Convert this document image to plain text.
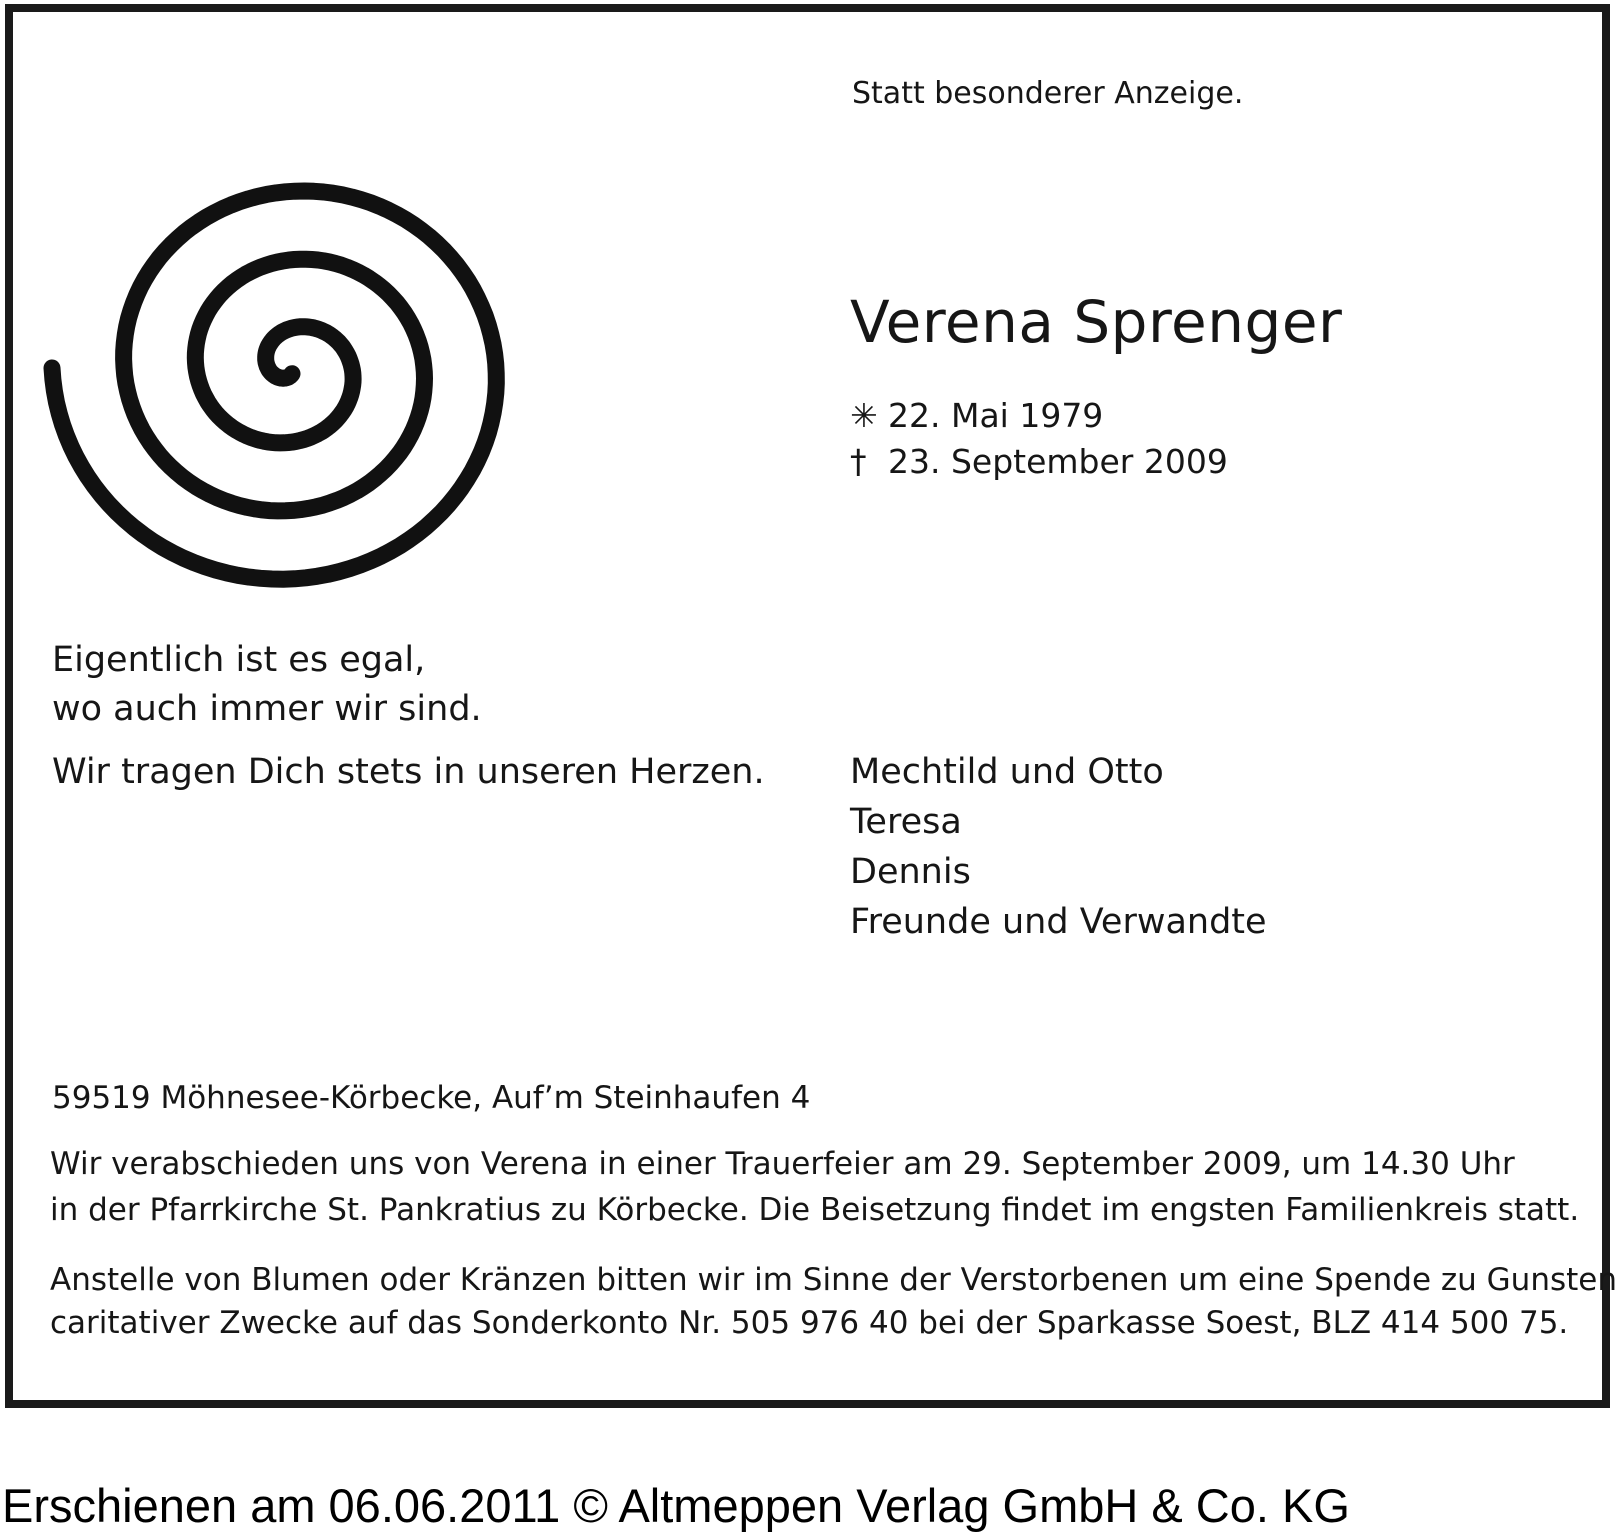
Statt besonderer Anzeige.
Verena Sprenger
✳ 22. Mai 1979
† 23. September 2009
Eigentlich ist es egal,
wo auch immer wir sind.
Wir tragen Dich stets in unseren Herzen. Mechtild und Otto
Teresa
Dennis
Freunde und Verwandte
59519 Möhnesee-Körbecke, Auf’m Steinhaufen 4
Wir verabschieden uns von Verena in einer Trauerfeier am 29. September 2009, um 14.30 Uhr
in der Pfarrkirche St. Pankratius zu Körbecke. Die Beisetzung findet im engsten Familienkreis statt.
Anstelle von Blumen oder Kränzen bitten wir im Sinne der Verstorbenen um eine Spende zu Gunsten
caritativer Zwecke auf das Sonderkonto Nr. 505 976 40 bei der Sparkasse Soest, BLZ 414 500 75.
Erschienen am 06.06.2011 © Altmeppen Verlag GmbH & Co. KG
